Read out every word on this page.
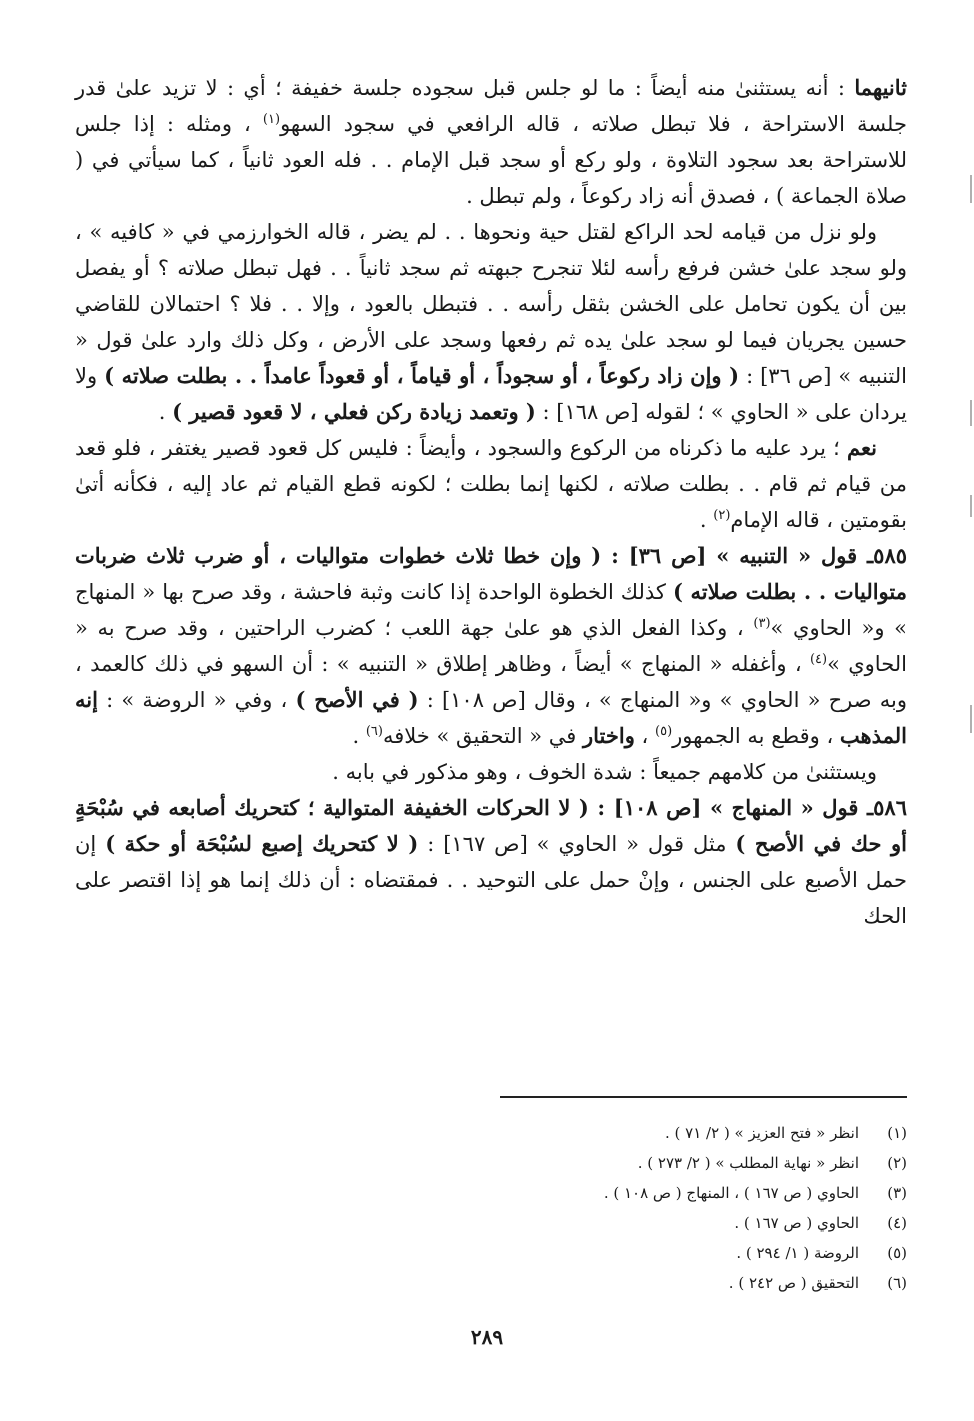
ثانيهما : أنه يستثنىٰ منه أيضاً : ما لو جلس قبل سجوده جلسة خفيفة ؛ أي : لا تزيد علىٰ قدر جلسة الاستراحة ، فلا تبطل صلاته ، قاله الرافعي في سجود السهو$^{(١)}$ ، ومثله : إذا جلس للاستراحة بعد سجود التلاوة ، ولو ركع أو سجد قبل الإمام . . فله العود ثانياً ، كما سيأتي في ( صلاة الجماعة ) ، فصدق أنه زاد ركوعاً ، ولم تبطل .

ولو نزل من قيامه لحد الراكع لقتل حية ونحوها . . لم يضر ، قاله الخوارزمي في « كافيه » ، ولو سجد علىٰ خشن فرفع رأسه لئلا تنجرح جبهته ثم سجد ثانياً . . فهل تبطل صلاته ؟ أو يفصل بين أن يكون تحامل على الخشن بثقل رأسه . . فتبطل بالعود ، وإلا . . فلا ؟ احتمالان للقاضي حسين يجريان فيما لو سجد علىٰ يده ثم رفعها وسجد على الأرض ، وكل ذلك وارد علىٰ قول « التنبيه » [ص ٣٦] : ( وإن زاد ركوعاً ، أو سجوداً ، أو قياماً ، أو قعوداً عامداً . . بطلت صلاته ) ولا يردان على « الحاوي » ؛ لقوله [ص ١٦٨] : ( وتعمد زيادة ركن فعلي ، لا قعود قصير ) .

نعم ؛ يرد عليه ما ذكرناه من الركوع والسجود ، وأيضاً : فليس كل قعود قصير يغتفر ، فلو قعد من قيام ثم قام . . بطلت صلاته ، لكنها إنما بطلت ؛ لكونه قطع القيام ثم عاد إليه ، فكأنه أتىٰ بقومتين ، قاله الإمام$^{(٢)}$ .

٥٨٥ـ قول « التنبيه » [ص ٣٦] : ( وإن خطا ثلاث خطوات متواليات ، أو ضرب ثلاث ضربات متواليات . . بطلت صلاته ) كذلك الخطوة الواحدة إذا كانت وثبة فاحشة ، وقد صرح بها « المنهاج » و« الحاوي »$^{(٣)}$ ، وكذا الفعل الذي هو علىٰ جهة اللعب ؛ كضرب الراحتين ، وقد صرح به « الحاوي »$^{(٤)}$ ، وأغفله « المنهاج » أيضاً ، وظاهر إطلاق « التنبيه » : أن السهو في ذلك كالعمد ، وبه صرح « الحاوي » و« المنهاج » ، وقال [ص ١٠٨] : ( في الأصح ) ، وفي « الروضة » : إنه المذهب ، وقطع به الجمهور$^{(٥)}$ ، واختار في « التحقيق » خلافه$^{(٦)}$ .

ويستثنىٰ من كلامهم جميعاً : شدة الخوف ، وهو مذكور في بابه .

٥٨٦ـ قول « المنهاج » [ص ١٠٨] : ( لا الحركات الخفيفة المتوالية ؛ كتحريك أصابعه في سُبْحَةٍ أو حك في الأصح ) مثل قول « الحاوي » [ص ١٦٧] : ( لا كتحريك إصبع لسُبْحَة أو حكة ) إن حمل الأصبع على الجنس ، وإنْ حمل على التوحيد . . فمقتضاه : أن ذلك إنما هو إذا اقتصر على الحك

(١)
انظر « فتح العزيز » ( ٢/ ٧١ ) .
(٢)
انظر « نهاية المطلب » ( ٢/ ٢٧٣ ) .
(٣)
الحاوي ( ص ١٦٧ ) ، المنهاج ( ص ١٠٨ ) .
(٤)
الحاوي ( ص ١٦٧ ) .
(٥)
الروضة ( ١/ ٢٩٤ ) .
(٦)
التحقيق ( ص ٢٤٢ ) .
٢٨٩
